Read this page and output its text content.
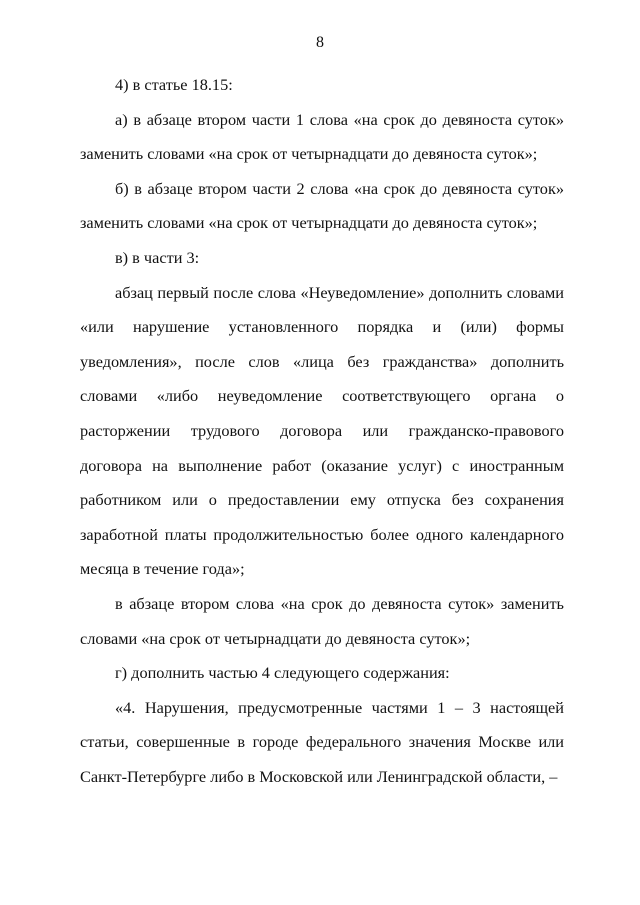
8

4) в статье 18.15:

а) в абзаце втором части 1 слова «на срок до девяноста суток» заменить словами «на срок от четырнадцати до девяноста суток»;

б) в абзаце втором части 2 слова «на срок до девяноста суток» заменить словами «на срок от четырнадцати до девяноста суток»;

в) в части 3:

абзац первый после слова «Неуведомление» дополнить словами «или нарушение установленного порядка и (или) формы уведомления», после слов «лица без гражданства» дополнить словами «либо неуведомление соответствующего органа о расторжении трудового договора или гражданско-правового договора на выполнение работ (оказание услуг) с иностранным работником или о предоставлении ему отпуска без сохранения заработной платы продолжительностью более одного календарного месяца в течение года»;

в абзаце втором слова «на срок до девяноста суток» заменить словами «на срок от четырнадцати до девяноста суток»;

г) дополнить частью 4 следующего содержания:

«4. Нарушения, предусмотренные частями 1 – 3 настоящей статьи, совершенные в городе федерального значения Москве или Санкт-Петербурге либо в Московской или Ленинградской области, –
